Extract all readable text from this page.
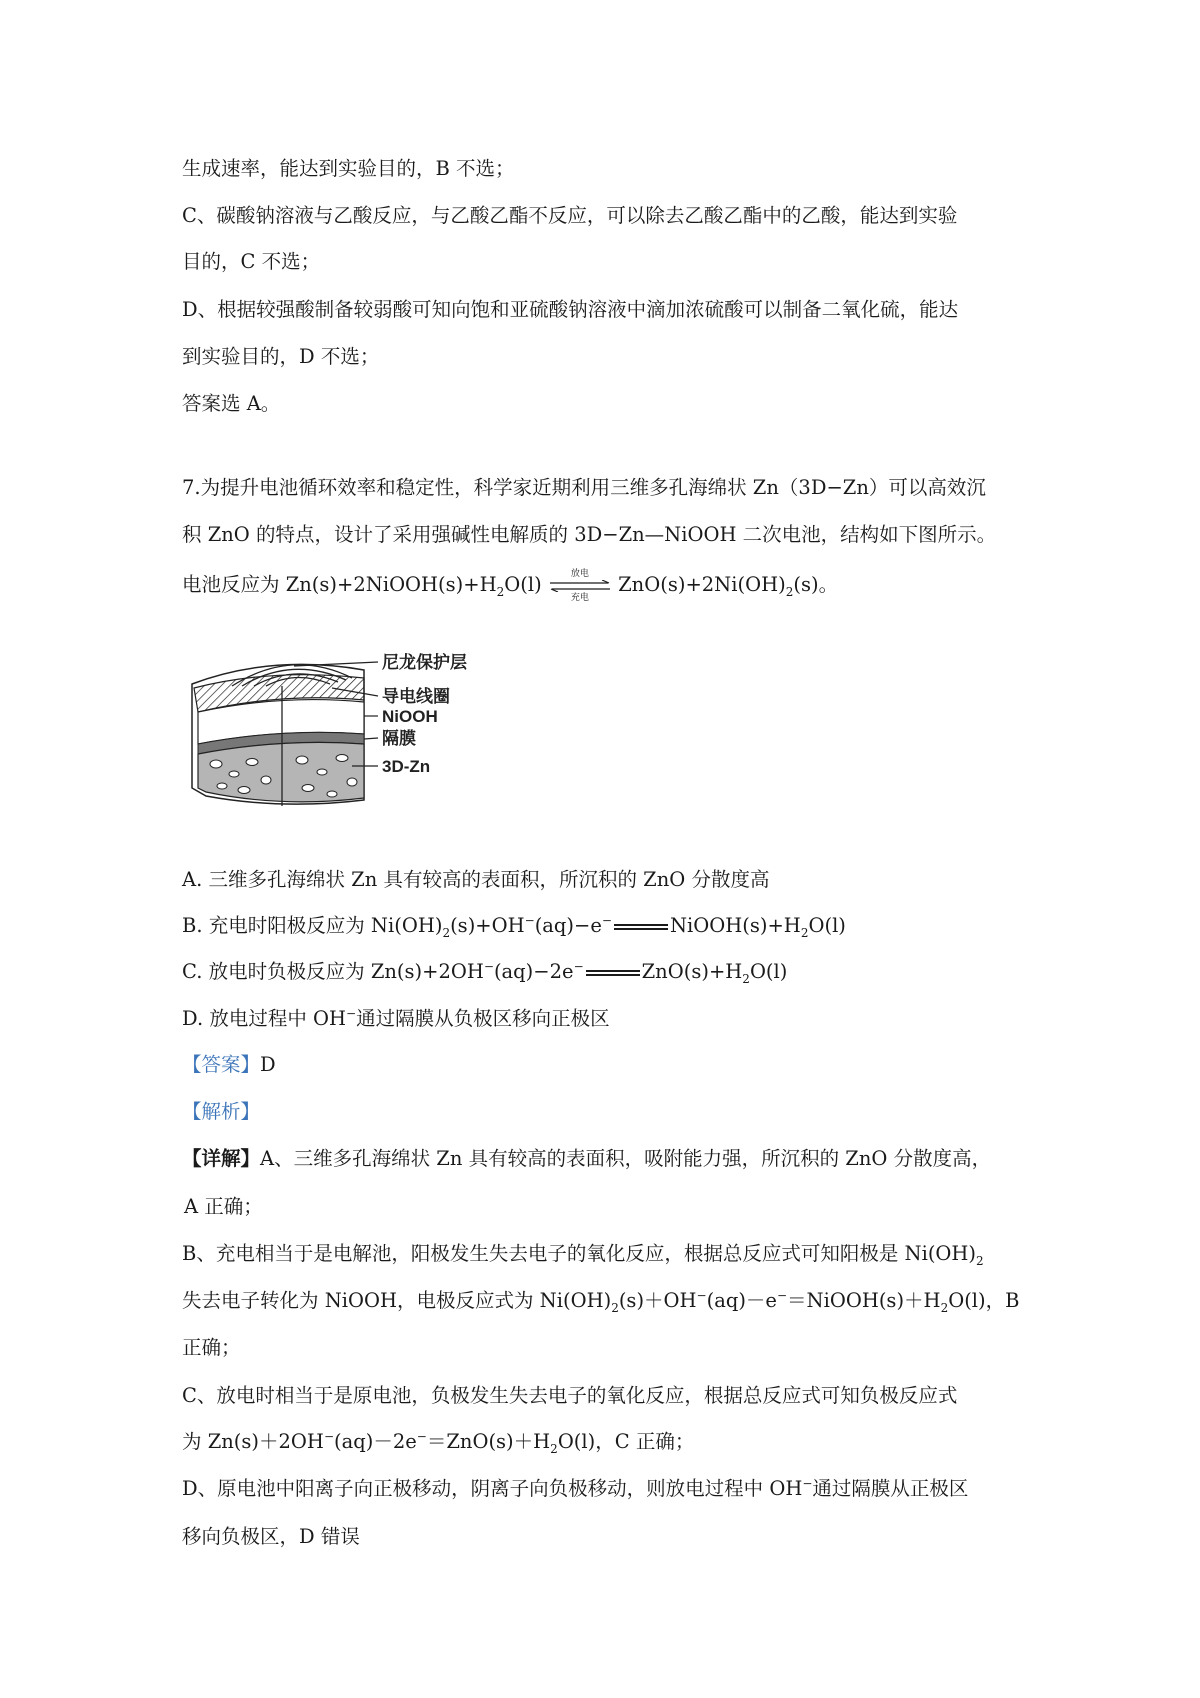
生成速率，能达到实验目的，B 不选；
C、碳酸钠溶液与乙酸反应，与乙酸乙酯不反应，可以除去乙酸乙酯中的乙酸，能达到实验
目的，C 不选；
D、根据较强酸制备较弱酸可知向饱和亚硫酸钠溶液中滴加浓硫酸可以制备二氧化硫，能达
到实验目的，D 不选；
答案选 A。
7.为提升电池循环效率和稳定性，科学家近期利用三维多孔海绵状 Zn（3D−Zn）可以高效沉
积 ZnO 的特点，设计了采用强碱性电解质的 3D−Zn—NiOOH 二次电池，结构如下图所示。
电池反应为 $Zn(s)+2NiOOH(s)+H_2O(l)$	放电
充电
$ZnO(s)+2Ni(OH)_2(s)$。
尼龙保护层
导电线圈
NiOOH
隔膜
3D-Zn
A. 三维多孔海绵状 Zn 具有较高的表面积，所沉积的 ZnO 分散度高
B. 充电时阳极反应为 $Ni(OH)_2(s)+OH^-(aq)-e^-$	$NiOOH(s)+H_2O(l)$
C. 放电时负极反应为 Zn(s)+2OH−(aq)−2e−	$ZnO(s)+H_2O(l)$
D. 放电过程中 OH−通过隔膜从负极区移向正极区
【答案】D
【解析】
【详解】A、三维多孔海绵状 Zn 具有较高的表面积，吸附能力强，所沉积的 ZnO 分散度高，
A 正确；
B、充电相当于是电解池，阳极发生失去电子的氧化反应，根据总反应式可知阳极是 $Ni(OH)_2$
失去电子转化为 NiOOH，电极反应式为 $Ni(OH)_2(s)+OH^-(aq)-e^-=NiOOH(s)+H_2O(l)$，B
正确；
C、放电时相当于是原电池，负极发生失去电子的氧化反应，根据总反应式可知负极反应式
为 $Zn(s)+2OH^-(aq)-2e^-=ZnO(s)+H_2O(l)$，C 正确；
D、原电池中阳离子向正极移动，阴离子向负极移动，则放电过程中 OH−通过隔膜从正极区
移向负极区，D 错误
